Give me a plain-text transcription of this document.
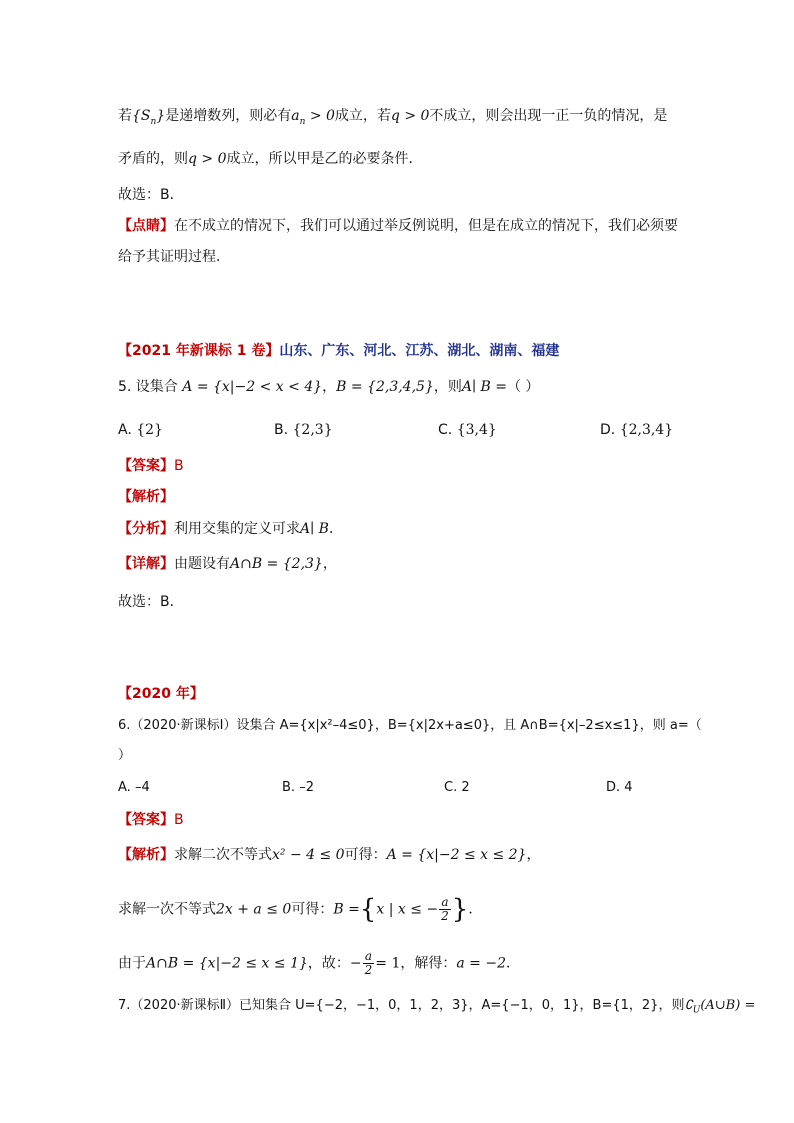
若$\{S_n\}$是递增数列，则必有$a_n > 0$成立，若q > 0不成立，则会出现一正一负的情况，是
矛盾的，则q > 0成立，所以甲是乙的必要条件．
故选：B．
【点睛】在不成立的情况下，我们可以通过举反例说明，但是在成立的情况下，我们必须要
给予其证明过程．
【2021 年新课标 1 卷】山东、广东、河北、江苏、湖北、湖南、福建
5. 设集合 A = {x|−2 < x < 4}，B = {2,3,4,5}，则A∣ B =（ ）
A. {2}	B. {2,3}	C. {3,4}	D. {2,3,4}
【答案】B
【解析】
【分析】利用交集的定义可求A∣ B．
【详解】由题设有A∩B = {2,3}，
故选：B．
【2020 年】
6.（2020·新课标Ⅰ）设集合 A={x|x²–4≤0}，B={x|2x+a≤0}，且 A∩B={x|–2≤x≤1}，则 a=（
）
A. –4	B. –2	C. 2	D. 4
【答案】B
【解析】求解二次不等式x² − 4 ≤ 0可得：A = {x|−2 ≤ x ≤ 2}，
求解一次不等式2x + a ≤ 0可得：B ={x | x ≤ − $\frac{a}{2}$ }．
由于A∩B = {x|−2 ≤ x ≤ 1}，故：− $\frac{a}{2} = 1$，解得：a = −2．
7.（2020·新课标Ⅱ）已知集合 U={−2，−1，0，1，2，3}，A={−1，0，1}，B={1，2}，则$∁_U(A\cup B)$ =
